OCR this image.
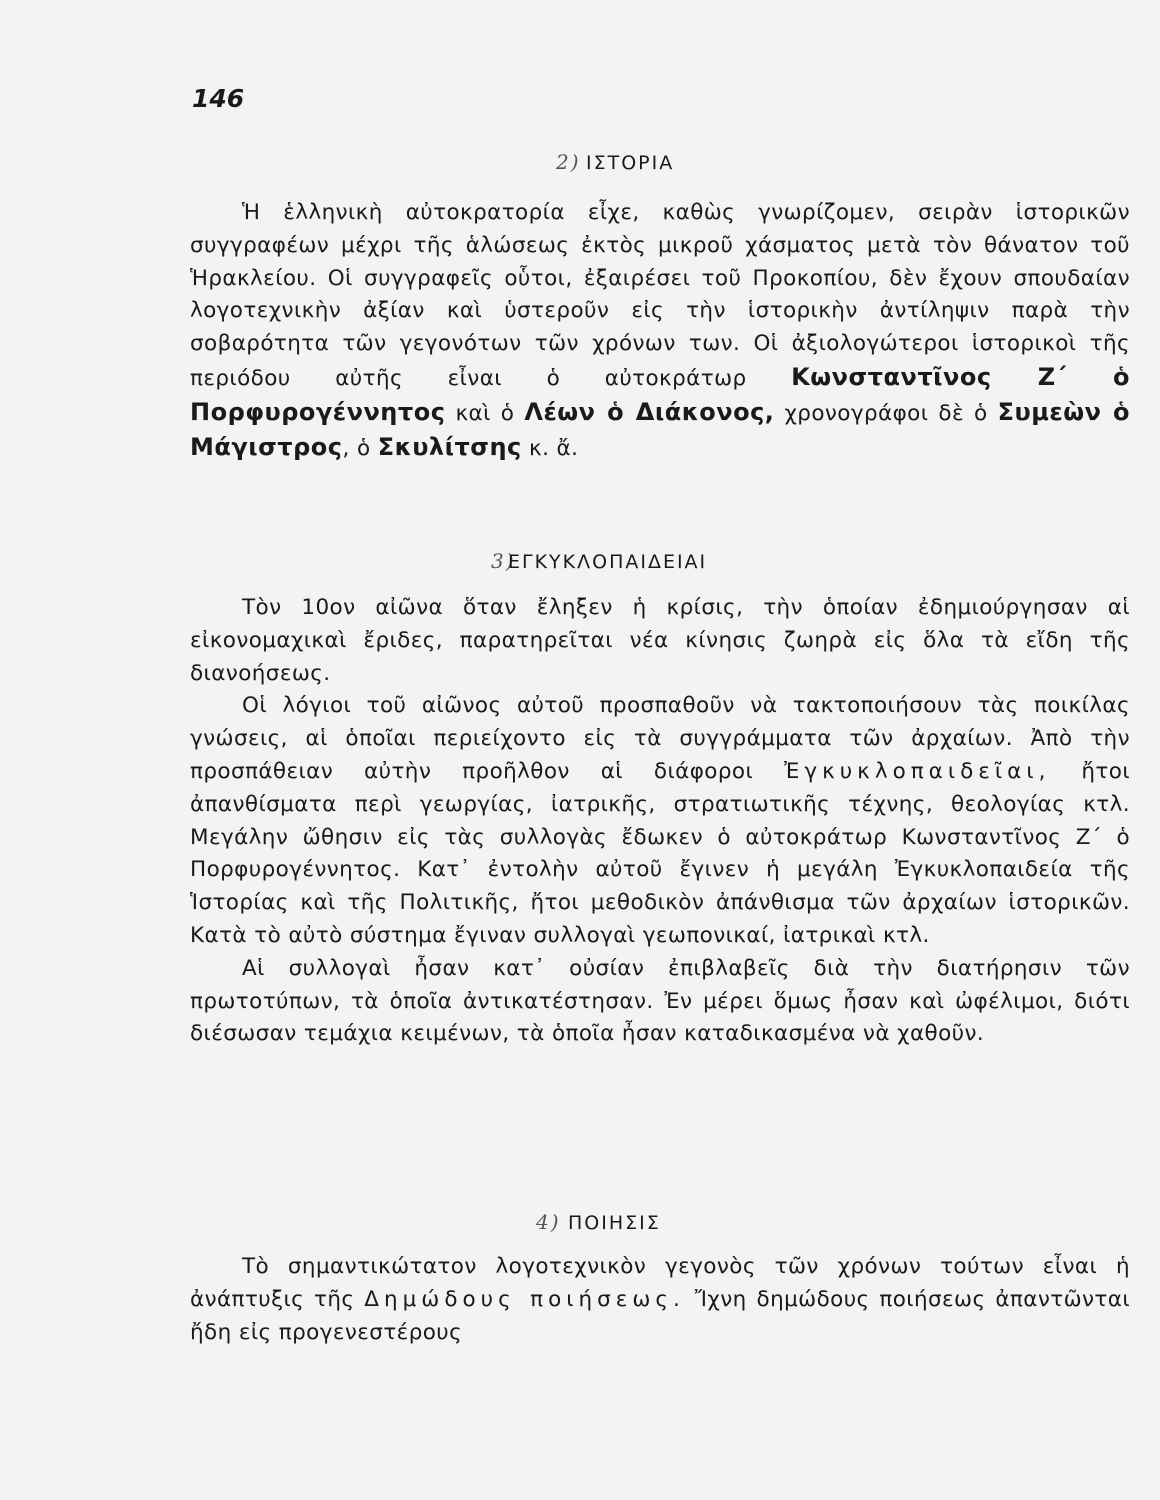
146
2) ΙΣΤΟΡΙΑ

Ἡ ἑλληνικὴ αὐτοκρατορία εἶχε, καθὼς γνωρίζομεν, σειρὰν ἱστορικῶν συγγραφέων μέχρι τῆς ἁλώσεως ἐκτὸς μικροῦ χάσματος μετὰ τὸν θάνατον τοῦ Ἡρακλείου. Οἱ συγγραφεῖς οὗτοι, ἐξαιρέσει τοῦ Προκοπίου, δὲν ἔχουν σπουδαίαν λογοτεχνικὴν ἀξίαν καὶ ὑστεροῦν εἰς τὴν ἱστορικὴν ἀντίληψιν παρὰ τὴν σοβαρότητα τῶν γεγονότων τῶν χρόνων των. Οἱ ἀξιολογώτεροι ἱστορικοὶ τῆς περιόδου αὐτῆς εἶναι ὁ αὐτοκράτωρ Κωνσταντῖνος Ζ΄ ὁ Πορφυρογέννητος καὶ ὁ Λέων ὁ Διάκονος, χρονογράφοι δὲ ὁ Συμεὼν ὁ Μάγιστρος, ὁ Σκυλίτσης κ. ἄ.

3)
ΕΓΚΥΚΛΟΠΑΙΔΕΙΑΙ

Τὸν 10ον αἰῶνα ὅταν ἔληξεν ἡ κρίσις, τὴν ὁποίαν ἐδημιούργησαν αἱ εἰκονομαχικαὶ ἔριδες, παρατηρεῖται νέα κίνησις ζωηρὰ εἰς ὅλα τὰ εἴδη τῆς διανοήσεως.

Οἱ λόγιοι τοῦ αἰῶνος αὐτοῦ προσπαθοῦν νὰ τακτοποιήσουν τὰς ποικίλας γνώσεις, αἱ ὁποῖαι περιείχοντο εἰς τὰ συγγράμματα τῶν ἀρχαίων. Ἀπὸ τὴν προσπάθειαν αὐτὴν προῆλθον αἱ διάφοροι Ἐγκυκλοπαιδεῖαι, ἤτοι ἀπανθίσματα περὶ γεωργίας, ἰατρικῆς, στρατιωτικῆς τέχνης, θεολογίας κτλ. Μεγάλην ὤθησιν εἰς τὰς συλλογὰς ἔδωκεν ὁ αὐτοκράτωρ Κωνσταντῖνος Ζ΄ ὁ Πορφυρογέννητος. Κατ᾽ ἐντολὴν αὐτοῦ ἔγινεν ἡ μεγάλη Ἐγκυκλοπαιδεία τῆς Ἱστορίας καὶ τῆς Πολιτικῆς, ἤτοι μεθοδικὸν ἀπάνθισμα τῶν ἀρχαίων ἱστορικῶν. Κατὰ τὸ αὐτὸ σύστημα ἔγιναν συλλογαὶ γεωπονικαί, ἰατρικαὶ κτλ.

Αἱ συλλογαὶ ἦσαν κατ᾽ οὐσίαν ἐπιβλαβεῖς διὰ τὴν διατήρησιν τῶν πρωτοτύπων, τὰ ὁποῖα ἀντικατέστησαν. Ἐν μέρει ὅμως ἦσαν καὶ ὠφέλιμοι, διότι διέσωσαν τεμάχια κειμένων, τὰ ὁποῖα ἦσαν καταδικασμένα νὰ χαθοῦν.

4) ΠΟΙΗΣΙΣ

Τὸ σημαντικώτατον λογοτεχνικὸν γεγονὸς τῶν χρόνων τούτων εἶναι ἡ ἀνάπτυξις τῆς Δημώδους ποιήσεως. Ἴχνη δημώδους ποιήσεως ἀπαντῶνται ἤδη εἰς προγενεστέρους
